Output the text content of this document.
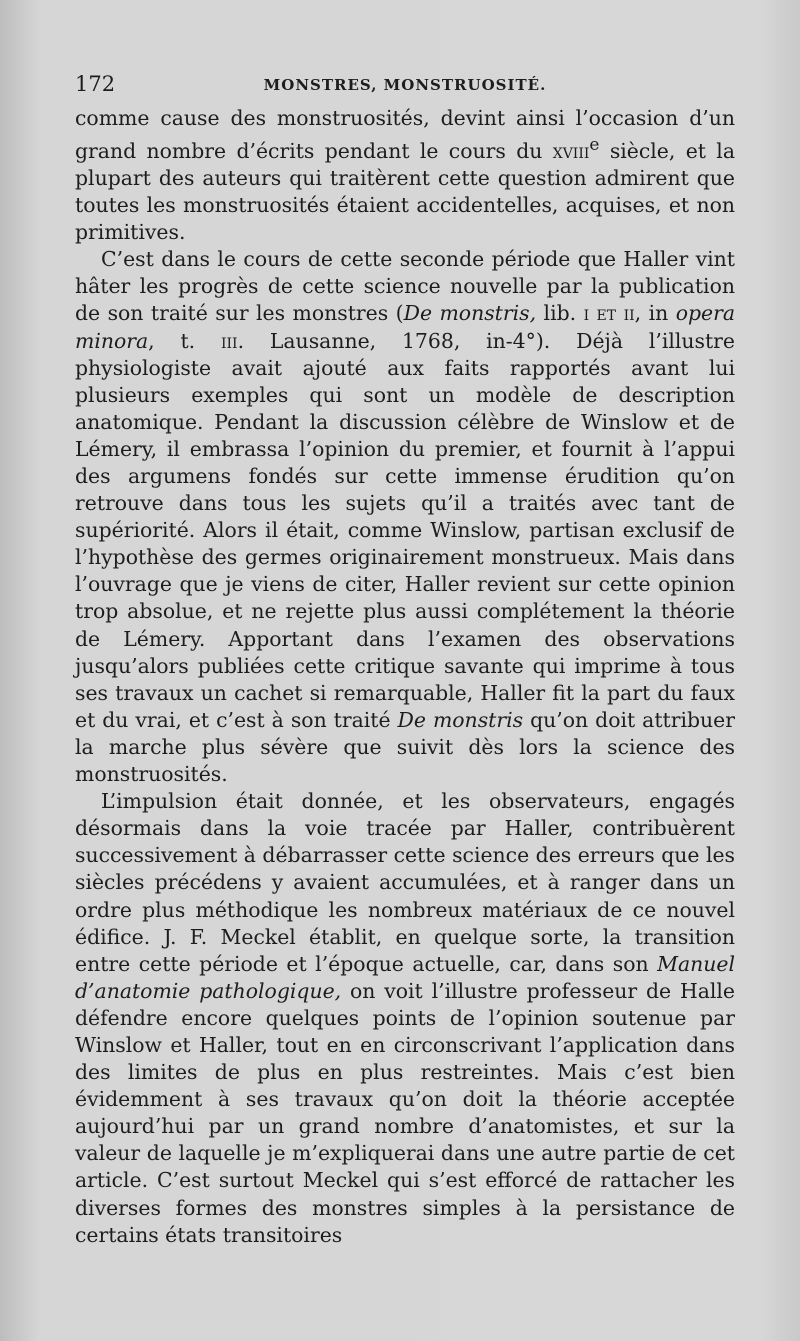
172	MONSTRES, MONSTRUOSITÉ.

comme cause des monstruosités, devint ainsi l’occasion d’un grand nombre d’écrits pendant le cours du xviii$^e$ siècle, et la plupart des auteurs qui traitèrent cette question admirent que toutes les monstruosités étaient accidentelles, acquises, et non primitives.

C’est dans le cours de cette seconde période que Haller vint hâter les progrès de cette science nouvelle par la publication de son traité sur les monstres (De monstris, lib. i et ii, in opera minora, t. iii. Lausanne, 1768, in-4°). Déjà l’illustre physiologiste avait ajouté aux faits rapportés avant lui plusieurs exemples qui sont un modèle de description anatomique. Pendant la discussion célèbre de Winslow et de Lémery, il embrassa l’opinion du premier, et fournit à l’appui des argumens fondés sur cette immense érudition qu’on retrouve dans tous les sujets qu’il a traités avec tant de supériorité. Alors il était, comme Winslow, partisan exclusif de l’hypothèse des germes originairement monstrueux. Mais dans l’ouvrage que je viens de citer, Haller revient sur cette opinion trop absolue, et ne rejette plus aussi complétement la théorie de Lémery. Apportant dans l’examen des observations jusqu’alors publiées cette critique savante qui imprime à tous ses travaux un cachet si remarquable, Haller fit la part du faux et du vrai, et c’est à son traité De monstris qu’on doit attribuer la marche plus sévère que suivit dès lors la science des monstruosités.

L’impulsion était donnée, et les observateurs, engagés désormais dans la voie tracée par Haller, contribuèrent successivement à débarrasser cette science des erreurs que les siècles précédens y avaient accumulées, et à ranger dans un ordre plus méthodique les nombreux matériaux de ce nouvel édifice. J. F. Meckel établit, en quelque sorte, la transition entre cette période et l’époque actuelle, car, dans son Manuel d’anatomie pathologique, on voit l’illustre professeur de Halle défendre encore quelques points de l’opinion soutenue par Winslow et Haller, tout en en circonscrivant l’application dans des limites de plus en plus restreintes. Mais c’est bien évidemment à ses travaux qu’on doit la théorie acceptée aujourd’hui par un grand nombre d’anatomistes, et sur la valeur de laquelle je m’expliquerai dans une autre partie de cet article. C’est surtout Meckel qui s’est efforcé de rattacher les diverses formes des monstres simples à la persistance de certains états transitoires
